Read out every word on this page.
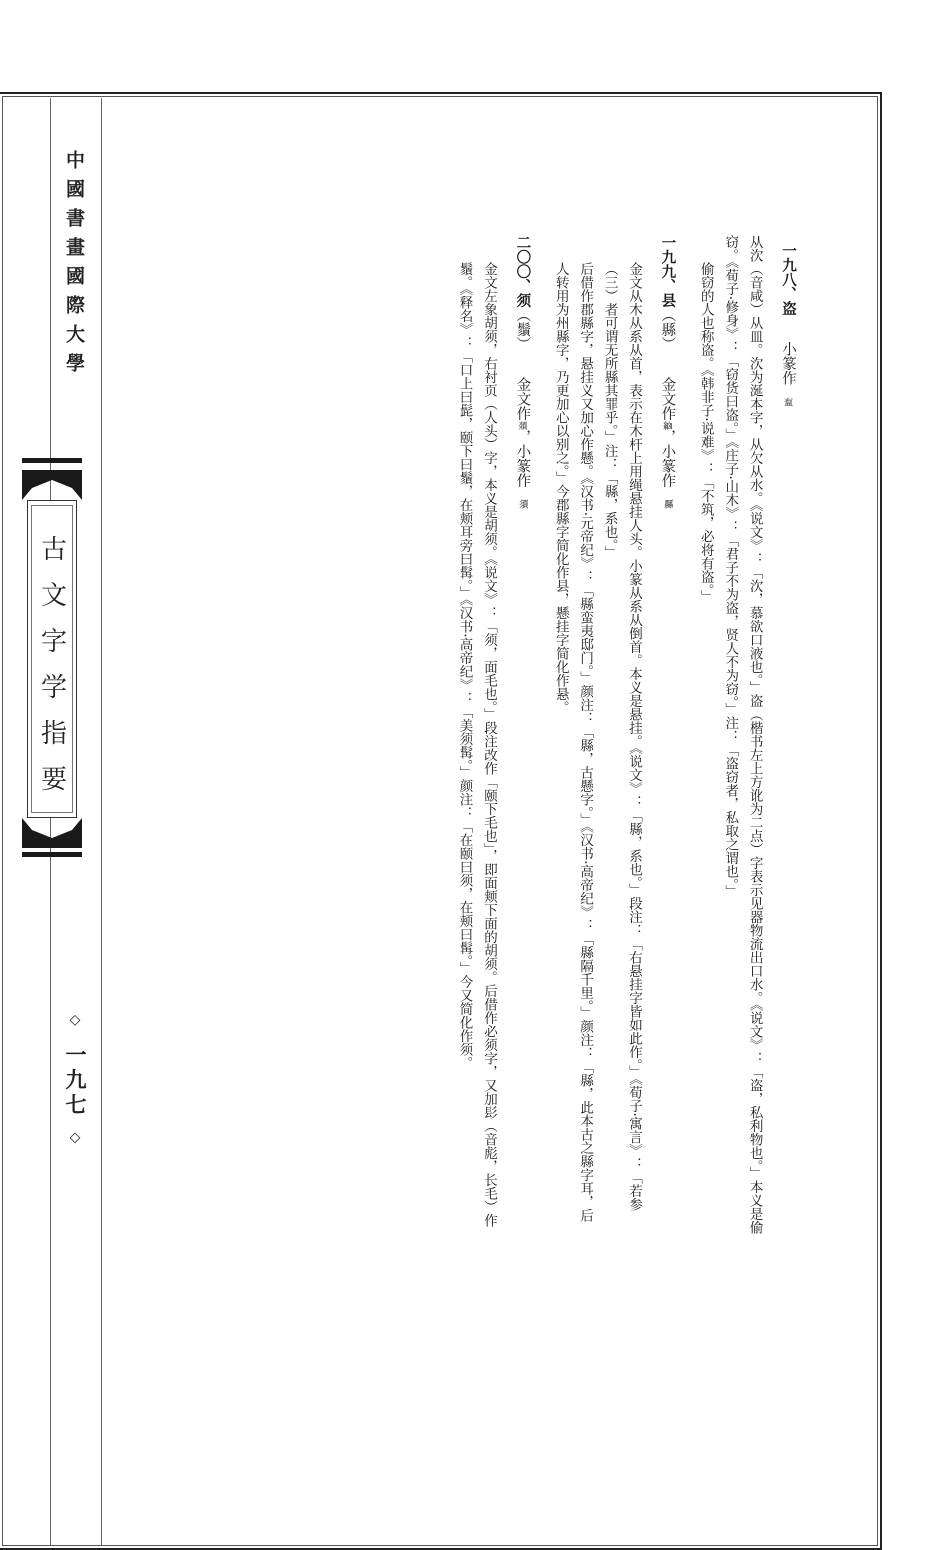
中國書畫國際大學
古文字学指要
◇ 一九七 ◇

一九八、盗小篆作𥁓

从㳄（音咸）从皿。㳄为涎本字，从欠从水。《说文》：「㳄，慕欲口液也。」盗（楷书左上方讹为二点）字表示见器物流出口水。《说文》：「盗，私利物也。」本义是偷窃。《荀子·修身》：「窃货曰盗。」《庄子·山木》：「君子不为盗，贤人不为窃。」注：「盗窃者，私取之谓也。」

偷窃的人也称盗。《韩非子·说难》：「不筑，必将有盗。」

一九九、县（縣）金文作𥿳，小篆作縣

金文从木从系从首，表示在木杆上用绳悬挂人头。小篆从系从倒首。本义是悬挂。《说文》：「縣，系也。」段注：「右悬挂字皆如此作。」《荀子·寓言》：「若参（三）者可谓无所縣其罪乎。」注：「縣，系也。」

后借作郡縣字，悬挂义又加心作懸。《汉书·元帝纪》：「縣蛮夷邸门。」颜注：「縣，古懸字。」《汉书·高帝纪》：「縣隔千里。」颜注：「縣，此本古之縣字耳，后人转用为州縣字，乃更加心以别之。」今郡縣字简化作县，懸挂字简化作悬。

二〇〇、须（鬚）金文作𩑛，小篆作須

金文左象胡须，右衬页（人头）字，本义是胡须。《说文》：「须，面毛也。」段注改作「颐下毛也」，即面颊下面的胡须。后借作必须字，又加髟（音彪，长毛）作鬚。《释名》：「口上曰髭，颐下曰鬚，在颊耳旁曰髯。」《汉书·高帝纪》：「美须髯。」颜注：「在颐曰须，在颊曰髯。」今又简化作须。
